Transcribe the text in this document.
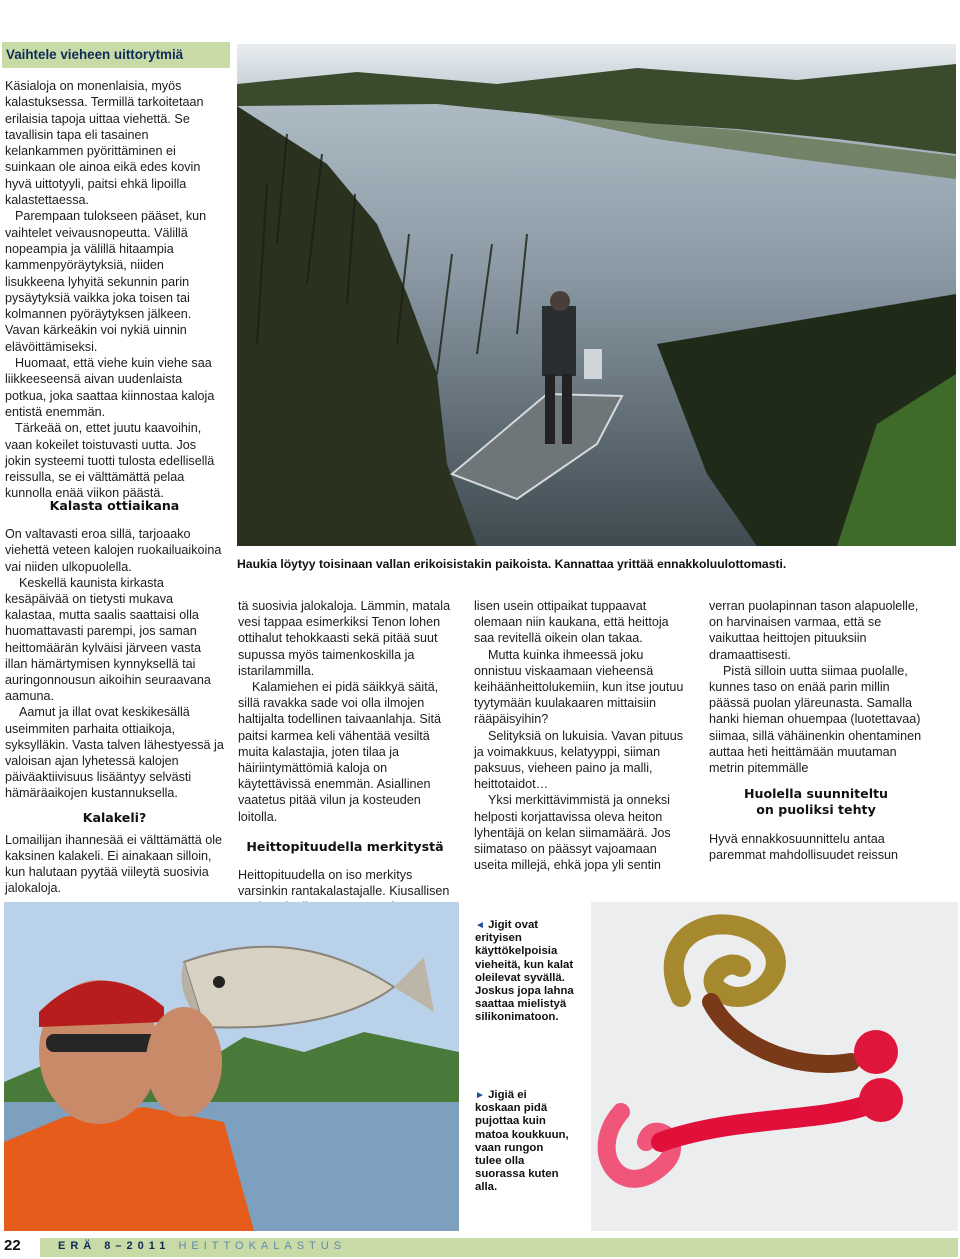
Vaihtele vieheen uittorytmiä

Käsialoja on monenlaisia, myös kalastuksessa. Termillä tarkoitetaan erilaisia tapoja uittaa viehettä. Se tavallisin tapa eli tasainen kelankammen pyörittäminen ei suinkaan ole ainoa eikä edes kovin hyvä uittotyyli, paitsi ehkä lipoilla kalastettaessa.

Parempaan tulokseen pääset, kun vaihtelet veivausnopeutta. Välillä nopeampia ja välillä hitaampia kammenpyöräytyksiä, niiden lisukkeena lyhyitä sekunnin parin pysäytyksiä vaikka joka toisen tai kolmannen pyöräytyksen jälkeen. Vavan kärkeäkin voi nykiä uinnin elävöittämiseksi.

Huomaat, että viehe kuin viehe saa liikkeeseensä aivan uudenlaista potkua, joka saattaa kiinnostaa kaloja entistä enemmän.

Tärkeää on, ettet juutu kaavoihin, vaan kokeilet toistuvasti uutta. Jos jokin systeemi tuotti tulosta edellisellä reissulla, se ei välttämättä pelaa kunnolla enää viikon päästä.

Haukia löytyy toisinaan vallan erikoisistakin paikoista. Kannattaa yrittää ennakkoluulottomasti.
Kalasta ottiaikana

On valtavasti eroa sillä, tarjoaako viehettä veteen kalojen ruokailuaikoina vai niiden ulkopuolella.

Keskellä kaunista kirkasta kesäpäivää on tietysti mukava kalastaa, mutta saalis saattaisi olla huomattavasti parempi, jos saman heittomäärän kylväisi järveen vasta illan hämärtymisen kynnyksellä tai auringonnousun aikoihin seuraavana aamuna.

Aamut ja illat ovat keskikesällä useimmiten parhaita ottiaikoja, syksylläkin. Vasta talven lähestyessä ja valoisan ajan lyhetessä kalojen päiväaktiivisuus lisääntyy selvästi hämäräaikojen kustannuksella.

Kalakeli?

Lomailijan ihannesää ei välttämättä ole kaksinen kalakeli. Ei ainakaan silloin, kun halutaan pyytää viileytä suosivia jalokaloja.

tä suosivia jalokaloja. Lämmin, matala vesi tappaa esimerkiksi Tenon lohen ottihalut tehokkaasti sekä pitää suut supussa myös taimenkoskilla ja istarilammilla.

Kalamiehen ei pidä säikkyä säitä, sillä ravakka sade voi olla ilmojen haltijalta todellinen taivaanlahja. Sitä paitsi karmea keli vähentää vesiltä muita kalastajia, joten tilaa ja häiriintymättömiä kaloja on käytettävissä enemmän. Asiallinen vaatetus pitää vilun ja kosteuden loitolla.

Heittopituudella merkitystä

Heittopituudella on iso merkitys varsinkin rantakalastajalle. Kiusallisen

lisen usein ottipaikat tuppaavat olemaan niin kaukana, että heittoja saa revitellä oikein olan takaa.

Mutta kuinka ihmeessä joku onnistuu viskaamaan vieheensä keihäänheittolukemiin, kun itse joutuu tyytymään kuulakaaren mittaisiin rääpäisyihin?

Selityksiä on lukuisia. Vavan pituus ja voimakkuus, kelatyyppi, siiman paksuus, vieheen paino ja malli, heittotaidot…

Yksi merkittävimmistä ja onneksi helposti korjattavissa oleva heiton lyhentäjä on kelan siimamäärä. Jos siimataso on päässyt vajoamaan useita millejä, ehkä jopa yli sentin

verran puolapinnan tason alapuolelle, on harvinaisen varmaa, että se vaikuttaa heittojen pituuksiin dramaattisesti.

Pistä silloin uutta siimaa puolalle, kunnes taso on enää parin millin päässä puolan yläreunasta. Samalla hanki hieman ohuempaa (luotettavaa) siimaa, sillä vähäinenkin ohentaminen auttaa heti heittämään muutaman metrin pitemmälle

Huolella suunniteltu
on puoliksi tehty

Hyvä ennakkosuunnittelu antaa paremmat mahdollisuudet reissun

◄ Jigit ovat erityisen käyttökelpoisia vieheitä, kun kalat oleilevat syvällä. Joskus jopa lahna saattaa mielistyä silikonimatoon.
► Jigiä ei koskaan pidä pujottaa kuin matoa koukkuun, vaan rungon tulee olla suorassa kuten alla.
22	ERÄ 8–2011 HEITTOKALASTUS
